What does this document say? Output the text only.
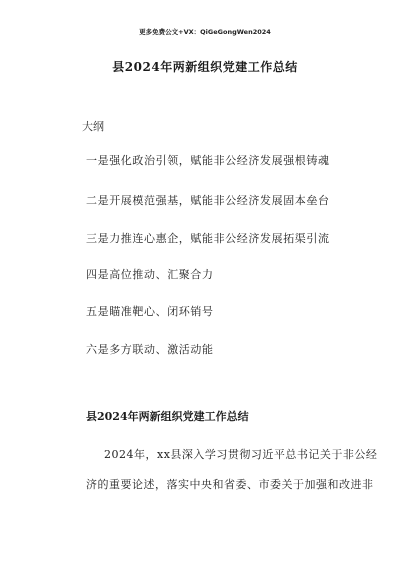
更多免费公文+VX：QiGeGongWen2024
县2024年两新组织党建工作总结
大纲
一是强化政治引领，赋能非公经济发展强根铸魂
二是开展模范强基，赋能非公经济发展固本垒台
三是力推连心惠企，赋能非公经济发展拓渠引流
四是高位推动、汇聚合力
五是瞄准靶心、闭环销号
六是多方联动、激活动能
县2024年两新组织党建工作总结
2024年，xx县深入学习贯彻习近平总书记关于非公经
济的重要论述，落实中央和省委、市委关于加强和改进非
